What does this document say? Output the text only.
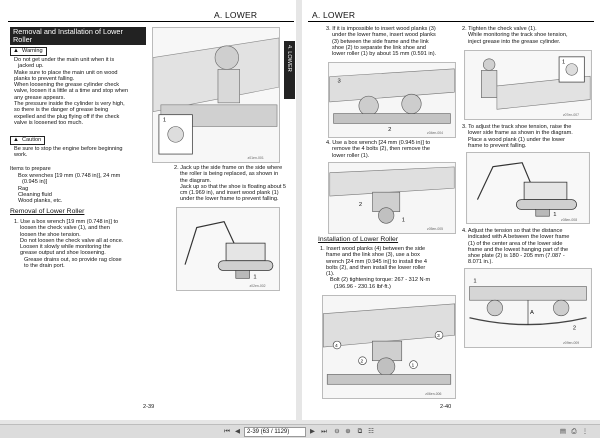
A. LOWER
Removal and Installation of Lower Roller
▲ Warning
Do not get under the main unit when it is
jacked up.
Make sure to place the main unit on wood
planks to prevent falling.
When loosening the grease cylinder check
valve, loosen it a little at a time and stop when
any grease appears.
The pressure inside the cylinder is very high,
so there is the danger of grease being
expelled and the plug flying off if the check
valve is loosened too much.
▲ Caution
Be sure to stop the engine before beginning
work.
Items to prepare
Box wrenches [19 mm (0.748 in)], 24 mm
(0.945 in)]
Rag
Cleaning fluid
Wood planks, etc.
Removal of Lower Roller
1. Use a box wrench [19 mm (0.748 in)] to
loosen the check valve (1), and then
loosen the shoe tension.
Do not loosen the check valve all at once.
Loosen it slowly while monitoring the
grease output and shoe loosening.
Grease drains out, so provide rag close
to the drain port.
1
z01en-001
2. Jack up the side frame on the side where
the roller is being replaced, as shown in
the diagram.
Jack up so that the shoe is floating about 5
cm (1.969 in), and insert wood plank (1)
under the lower frame to prevent falling.
1
z02en-002
4. LOWER
2-39
A. LOWER
3. If it is impossible to insert wood planks (3)
under the lower frame, insert wood planks
(3) between the side frame and the link
shoe (2) to separate the link shoe and
lower roller (1) by about 15 mm (0.591 in).
3
2	z04en-004
4. Use a box wrench [24 mm (0.945 in)] to
remove the 4 bolts (2), then remove the
lower roller (1).
2
1
z05en-005
Installation of Lower Roller
1. Insert wood planks (4) between the side
frame and the link shoe (3), use a box
wrench [24 mm (0.945 in)] to install the 4
bolts (2), and then install the lower roller
(1).
Bolt (2) tightening torque: 267 - 312 N·m
(196.96 - 230.16 lbf·ft.)
4
2
1
3
z06en-006
2. Tighten the check valve (1).
While monitoring the track shoe tension,
inject grease into the grease cylinder.
1
z07en-007
3. To adjust the track shoe tension, raise the
lower side frame as shown in the diagram.
Place a wood plank (1) under the lower
frame to prevent falling.
1
z08en-008
4. Adjust the tension so that the distance
indicated with A between the lower frame
(1) of the center area of the lower side
frame and the lowest hanging part of the
shoe plate (2) is 180 - 205 mm (7.087 -
8.071 in.).
A
1
2
z09en-009
2-40
⏮ ◀	2-39 (63 / 1129)	▶ ⏭	⊖ ⊕	⧉ ☷	▤ ⎙ ⋮
